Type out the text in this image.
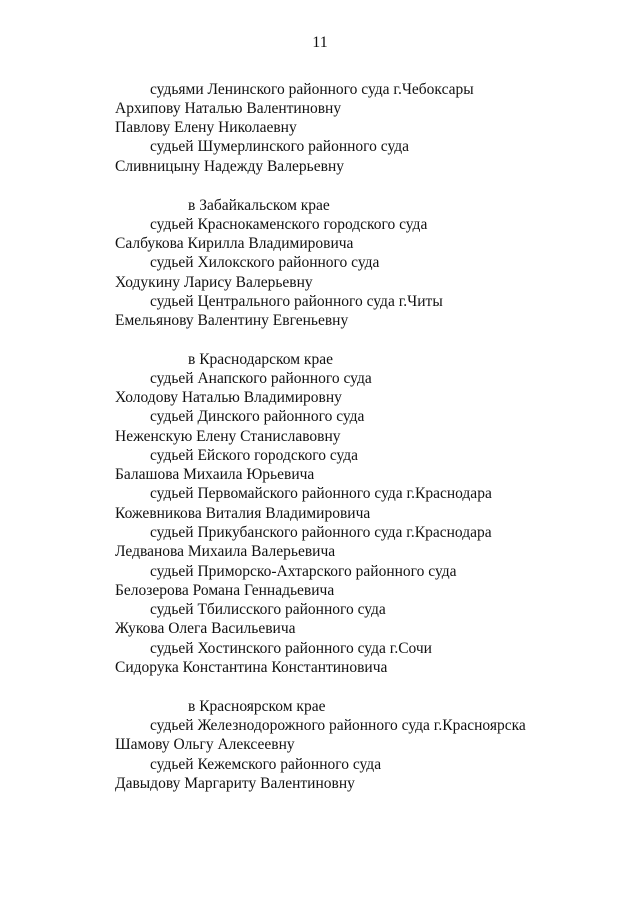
11
судьями Ленинского районного суда г.Чебоксары
Архипову Наталью Валентиновну
Павлову Елену Николаевну
судьей Шумерлинского районного суда
Сливницыну Надежду Валерьевну
в Забайкальском крае
судьей Краснокаменского городского суда
Салбукова Кирилла Владимировича
судьей Хилокского районного суда
Ходукину Ларису Валерьевну
судьей Центрального районного суда г.Читы
Емельянову Валентину Евгеньевну
в Краснодарском крае
судьей Анапского районного суда
Холодову Наталью Владимировну
судьей Динского районного суда
Неженскую Елену Станиславовну
судьей Ейского городского суда
Балашова Михаила Юрьевича
судьей Первомайского районного суда г.Краснодара
Кожевникова Виталия Владимировича
судьей Прикубанского районного суда г.Краснодара
Ледванова Михаила Валерьевича
судьей Приморско-Ахтарского районного суда
Белозерова Романа Геннадьевича
судьей Тбилисского районного суда
Жукова Олега Васильевича
судьей Хостинского районного суда г.Сочи
Сидорука Константина Константиновича
в Красноярском крае
судьей Железнодорожного районного суда г.Красноярска
Шамову Ольгу Алексеевну
судьей Кежемского районного суда
Давыдову Маргариту Валентиновну
